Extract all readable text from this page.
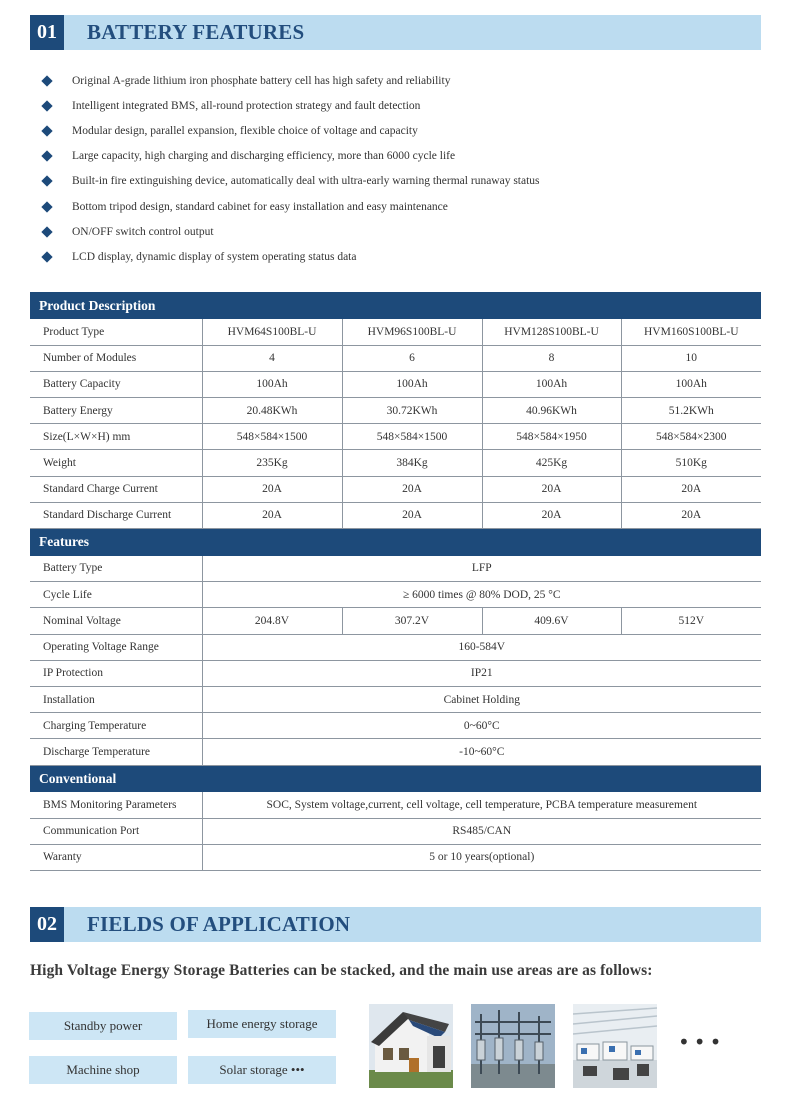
01	BATTERY FEATURES
Original A-grade lithium iron phosphate battery cell has high safety and reliability
Intelligent integrated BMS, all-round protection strategy and fault detection
Modular design, parallel expansion, flexible choice of voltage and capacity
Large capacity, high charging and discharging efficiency, more than 6000 cycle life
Built-in fire extinguishing device, automatically deal with ultra-early warning thermal runaway status
Bottom tripod design, standard cabinet for easy installation and easy maintenance
ON/OFF switch control output
LCD display, dynamic display of system operating status data
Product Description				
Product Type	HVM64S100BL-U	HVM96S100BL-U	HVM128S100BL-U	HVM160S100BL-U
Number of Modules	4	6	8	10
Battery Capacity	100Ah	100Ah	100Ah	100Ah
Battery Energy	20.48KWh	30.72KWh	40.96KWh	51.2KWh
Size(L×W×H) mm	548×584×1500	548×584×1500	548×584×1950	548×584×2300
Weight	235Kg	384Kg	425Kg	510Kg
Standard Charge Current	20A	20A	20A	20A
Standard Discharge Current	20A	20A	20A	20A
Features				
Battery Type	LFP			
Cycle Life	≥ 6000 times @ 80% DOD, 25 °C			
Nominal Voltage	204.8V	307.2V	409.6V	512V
Operating Voltage Range	160-584V			
IP Protection	IP21			
Installation	Cabinet Holding			
Charging Temperature	0~60°C			
Discharge Temperature	-10~60°C			
Conventional				
BMS Monitoring Parameters	SOC, System voltage,current, cell voltage, cell temperature, PCBA temperature measurement			
Communication Port	RS485/CAN			
Waranty	5 or 10 years(optional)			
02	FIELDS OF APPLICATION
High Voltage Energy Storage Batteries can be stacked, and the main use areas are as follows:
Standby power	Home energy storage
Machine shop	Solar storage •••
•••
